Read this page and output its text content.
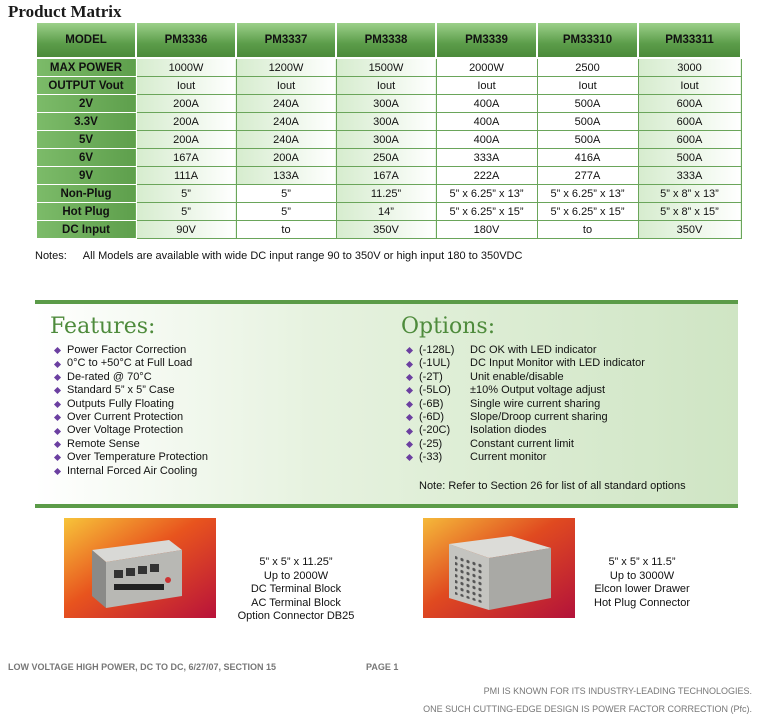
Product Matrix
MODEL	PM3336	PM3337	PM3338	PM3339	PM33310	PM33311
MAX POWER	1000W	1200W	1500W	2000W	2500	3000
OUTPUT Vout	Iout	Iout	Iout	Iout	Iout	Iout
2V	200A	240A	300A	400A	500A	600A
3.3V	200A	240A	300A	400A	500A	600A
5V	200A	240A	300A	400A	500A	600A
6V	167A	200A	250A	333A	416A	500A
9V	111A	133A	167A	222A	277A	333A
Non-Plug	5”	5”	11.25”	5” x 6.25” x 13”	5” x 6.25” x 13”	5” x 8” x 13”
Hot Plug	5”	5”	14”	5” x 6.25” x 15”	5” x 6.25” x 15”	5” x 8” x 15”
DC Input	90V	to	350V	180V	to	350V
Notes: All Models are available with wide DC input range 90 to 350V or high input 180 to 350VDC
Features:
Power Factor Correction
0°C to +50°C at Full Load
De-rated @ 70°C
Standard 5” x 5” Case
Outputs Fully Floating
Over Current Protection
Over Voltage Protection
Remote Sense
Over Temperature Protection
Internal Forced Air Cooling
Options:
(-128L)	DC OK with LED indicator
(-1UL)	DC Input Monitor with LED indicator
(-2T)	Unit enable/disable
(-5LO)	±10% Output voltage adjust
(-6B)	Single wire current sharing
(-6D)	Slope/Droop current sharing
(-20C)	Isolation diodes
(-25)	Constant current limit
(-33)	Current monitor
Note: Refer to Section 26 for list of all standard options
5” x 5” x 11.25”
Up to 2000W
DC Terminal Block
AC Terminal Block
Option Connector DB25
5” x 5” x 11.5”
Up to 3000W
Elcon lower Drawer
Hot Plug Connector
LOW VOLTAGE HIGH POWER, DC TO DC, 6/27/07, SECTION 15	PAGE 1
PMI IS KNOWN FOR ITS INDUSTRY-LEADING TECHNOLOGIES.
ONE SUCH CUTTING-EDGE DESIGN IS POWER FACTOR CORRECTION (Pfc).
